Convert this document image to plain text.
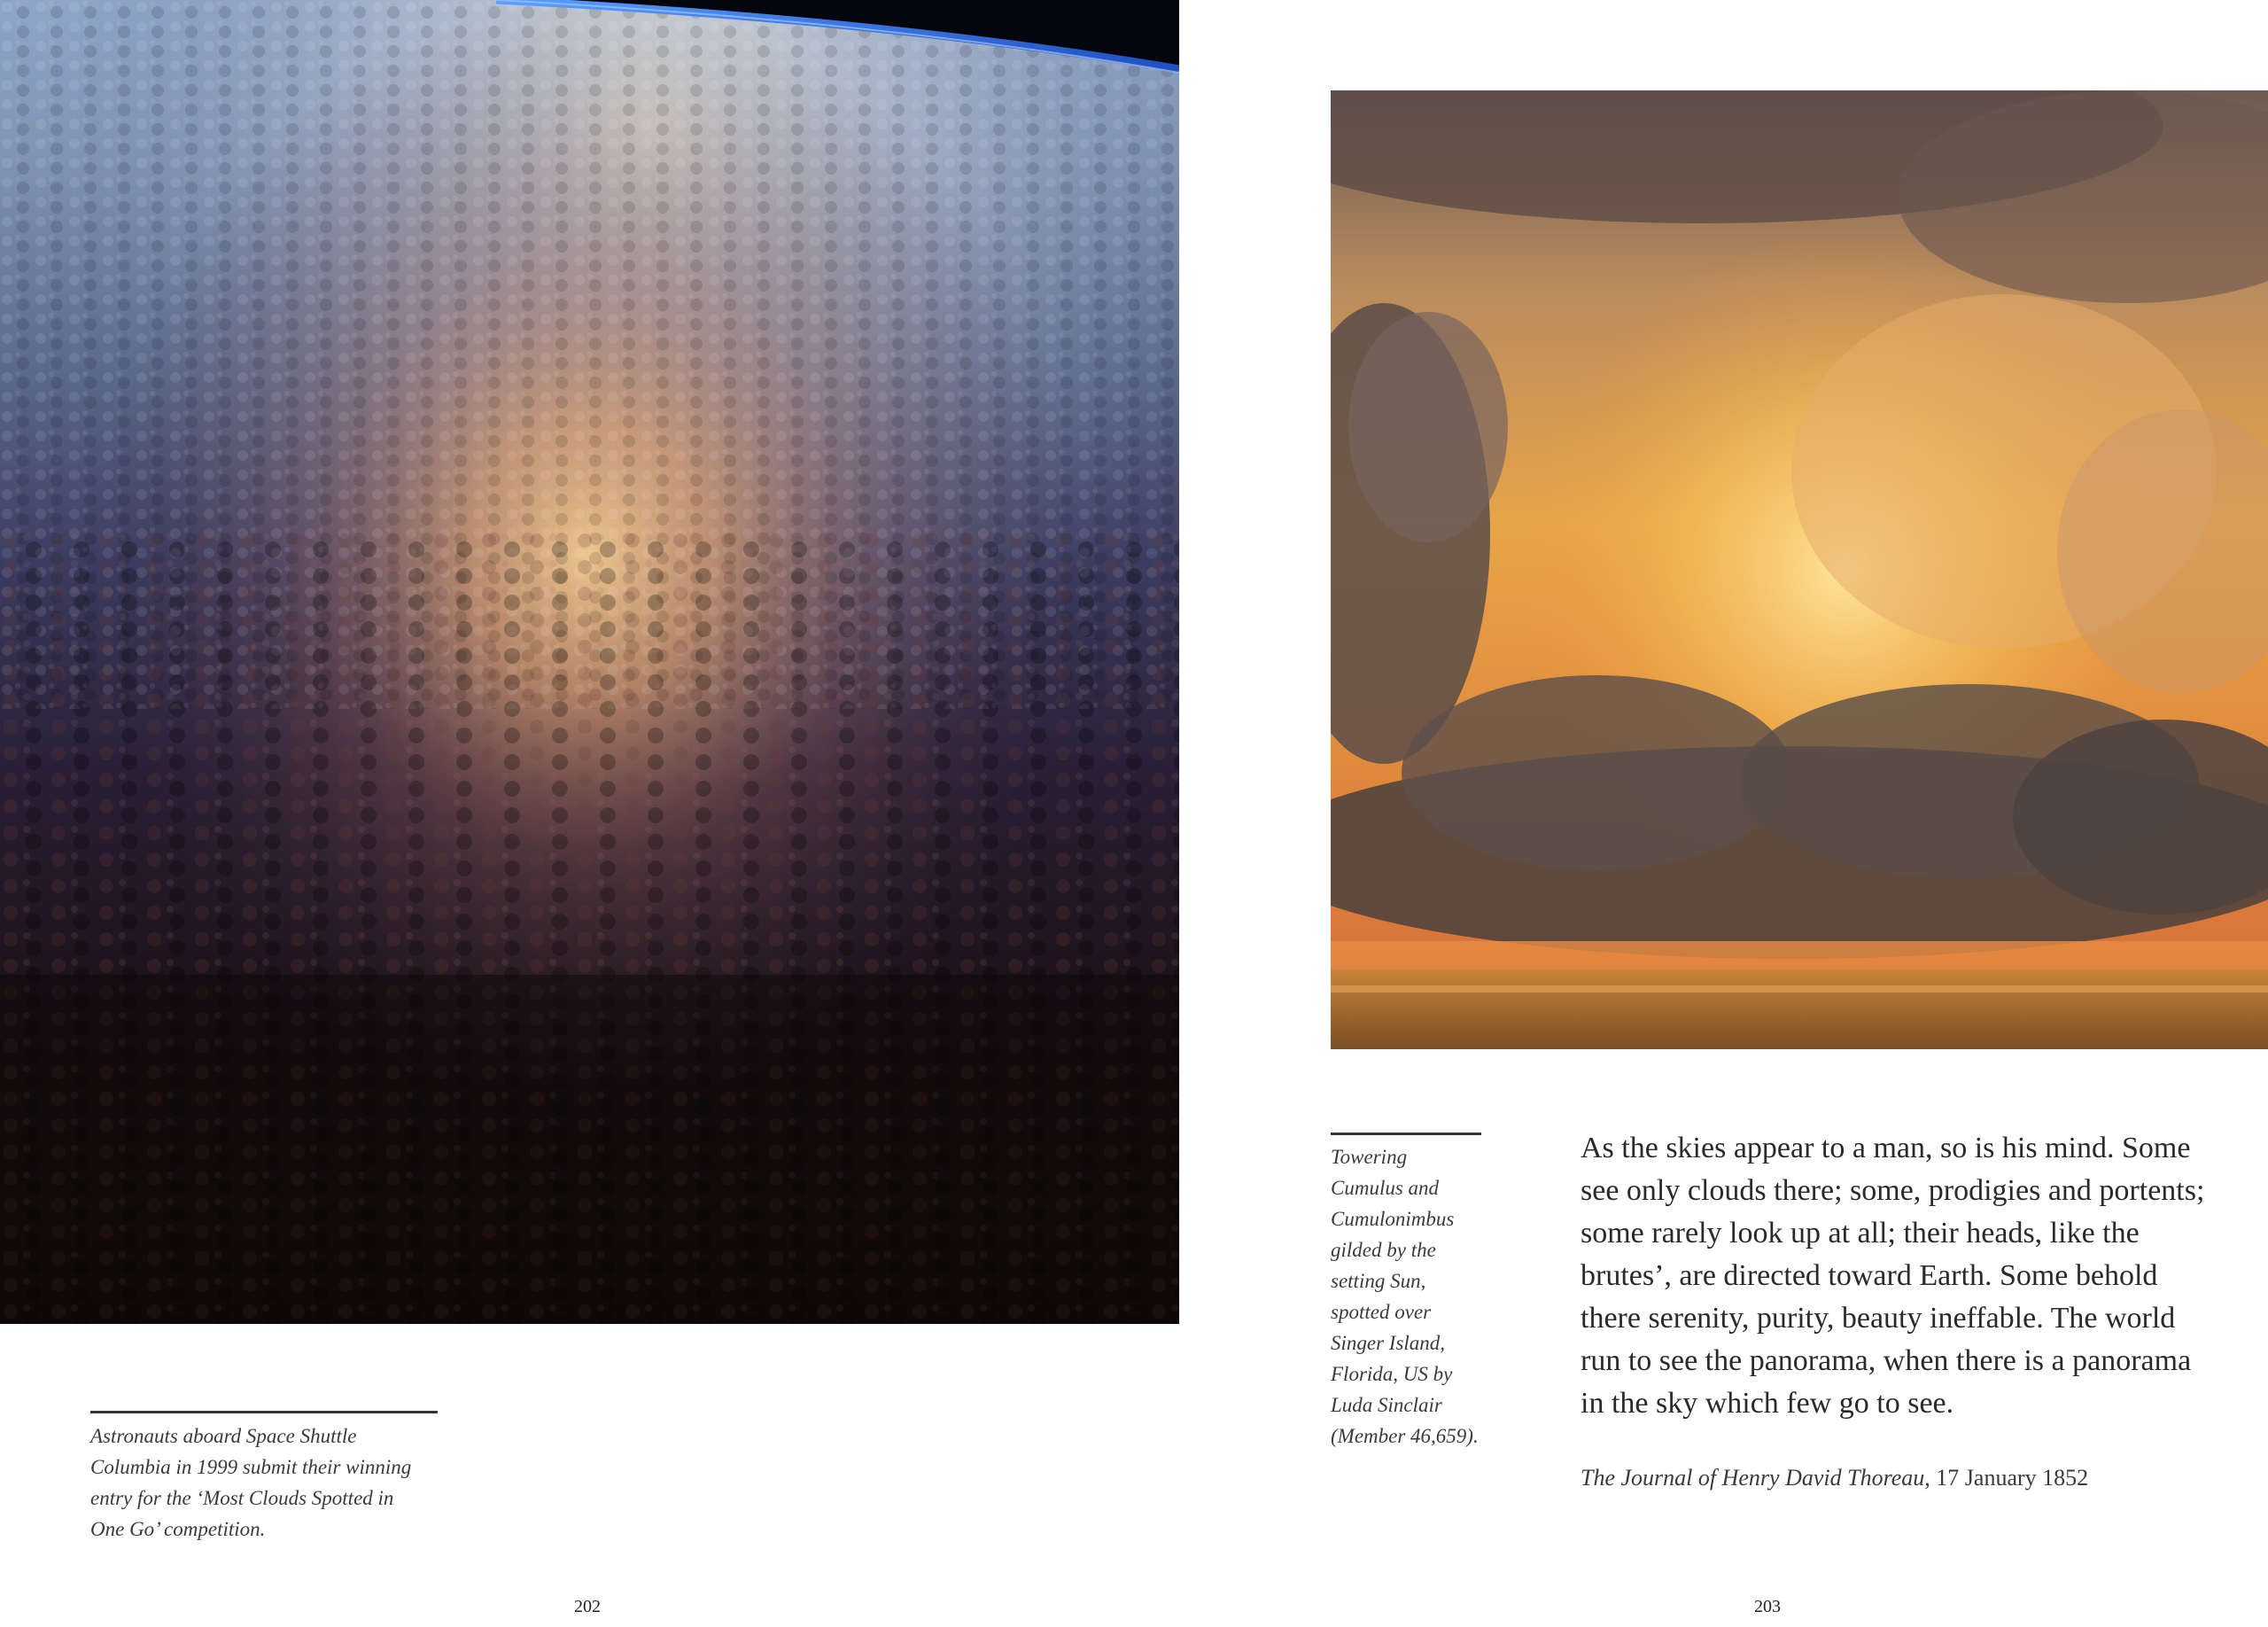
Astronauts aboard Space Shuttle
Columbia in 1999 submit their winning
entry for the ‘Most Clouds Spotted in
One Go’ competition.
Towering
Cumulus and
Cumulonimbus
gilded by the
setting Sun,
spotted over
Singer Island,
Florida, US by
Luda Sinclair
(Member 46,659).
As the skies appear to a man, so is his mind. Some
see only clouds there; some, prodigies and portents;
some rarely look up at all; their heads, like the
brutes’, are directed toward Earth. Some behold
there serenity, purity, beauty ineffable. The world
run to see the panorama, when there is a panorama
in the sky which few go to see.
The Journal of Henry David Thoreau, 17 January 1852
202	203
